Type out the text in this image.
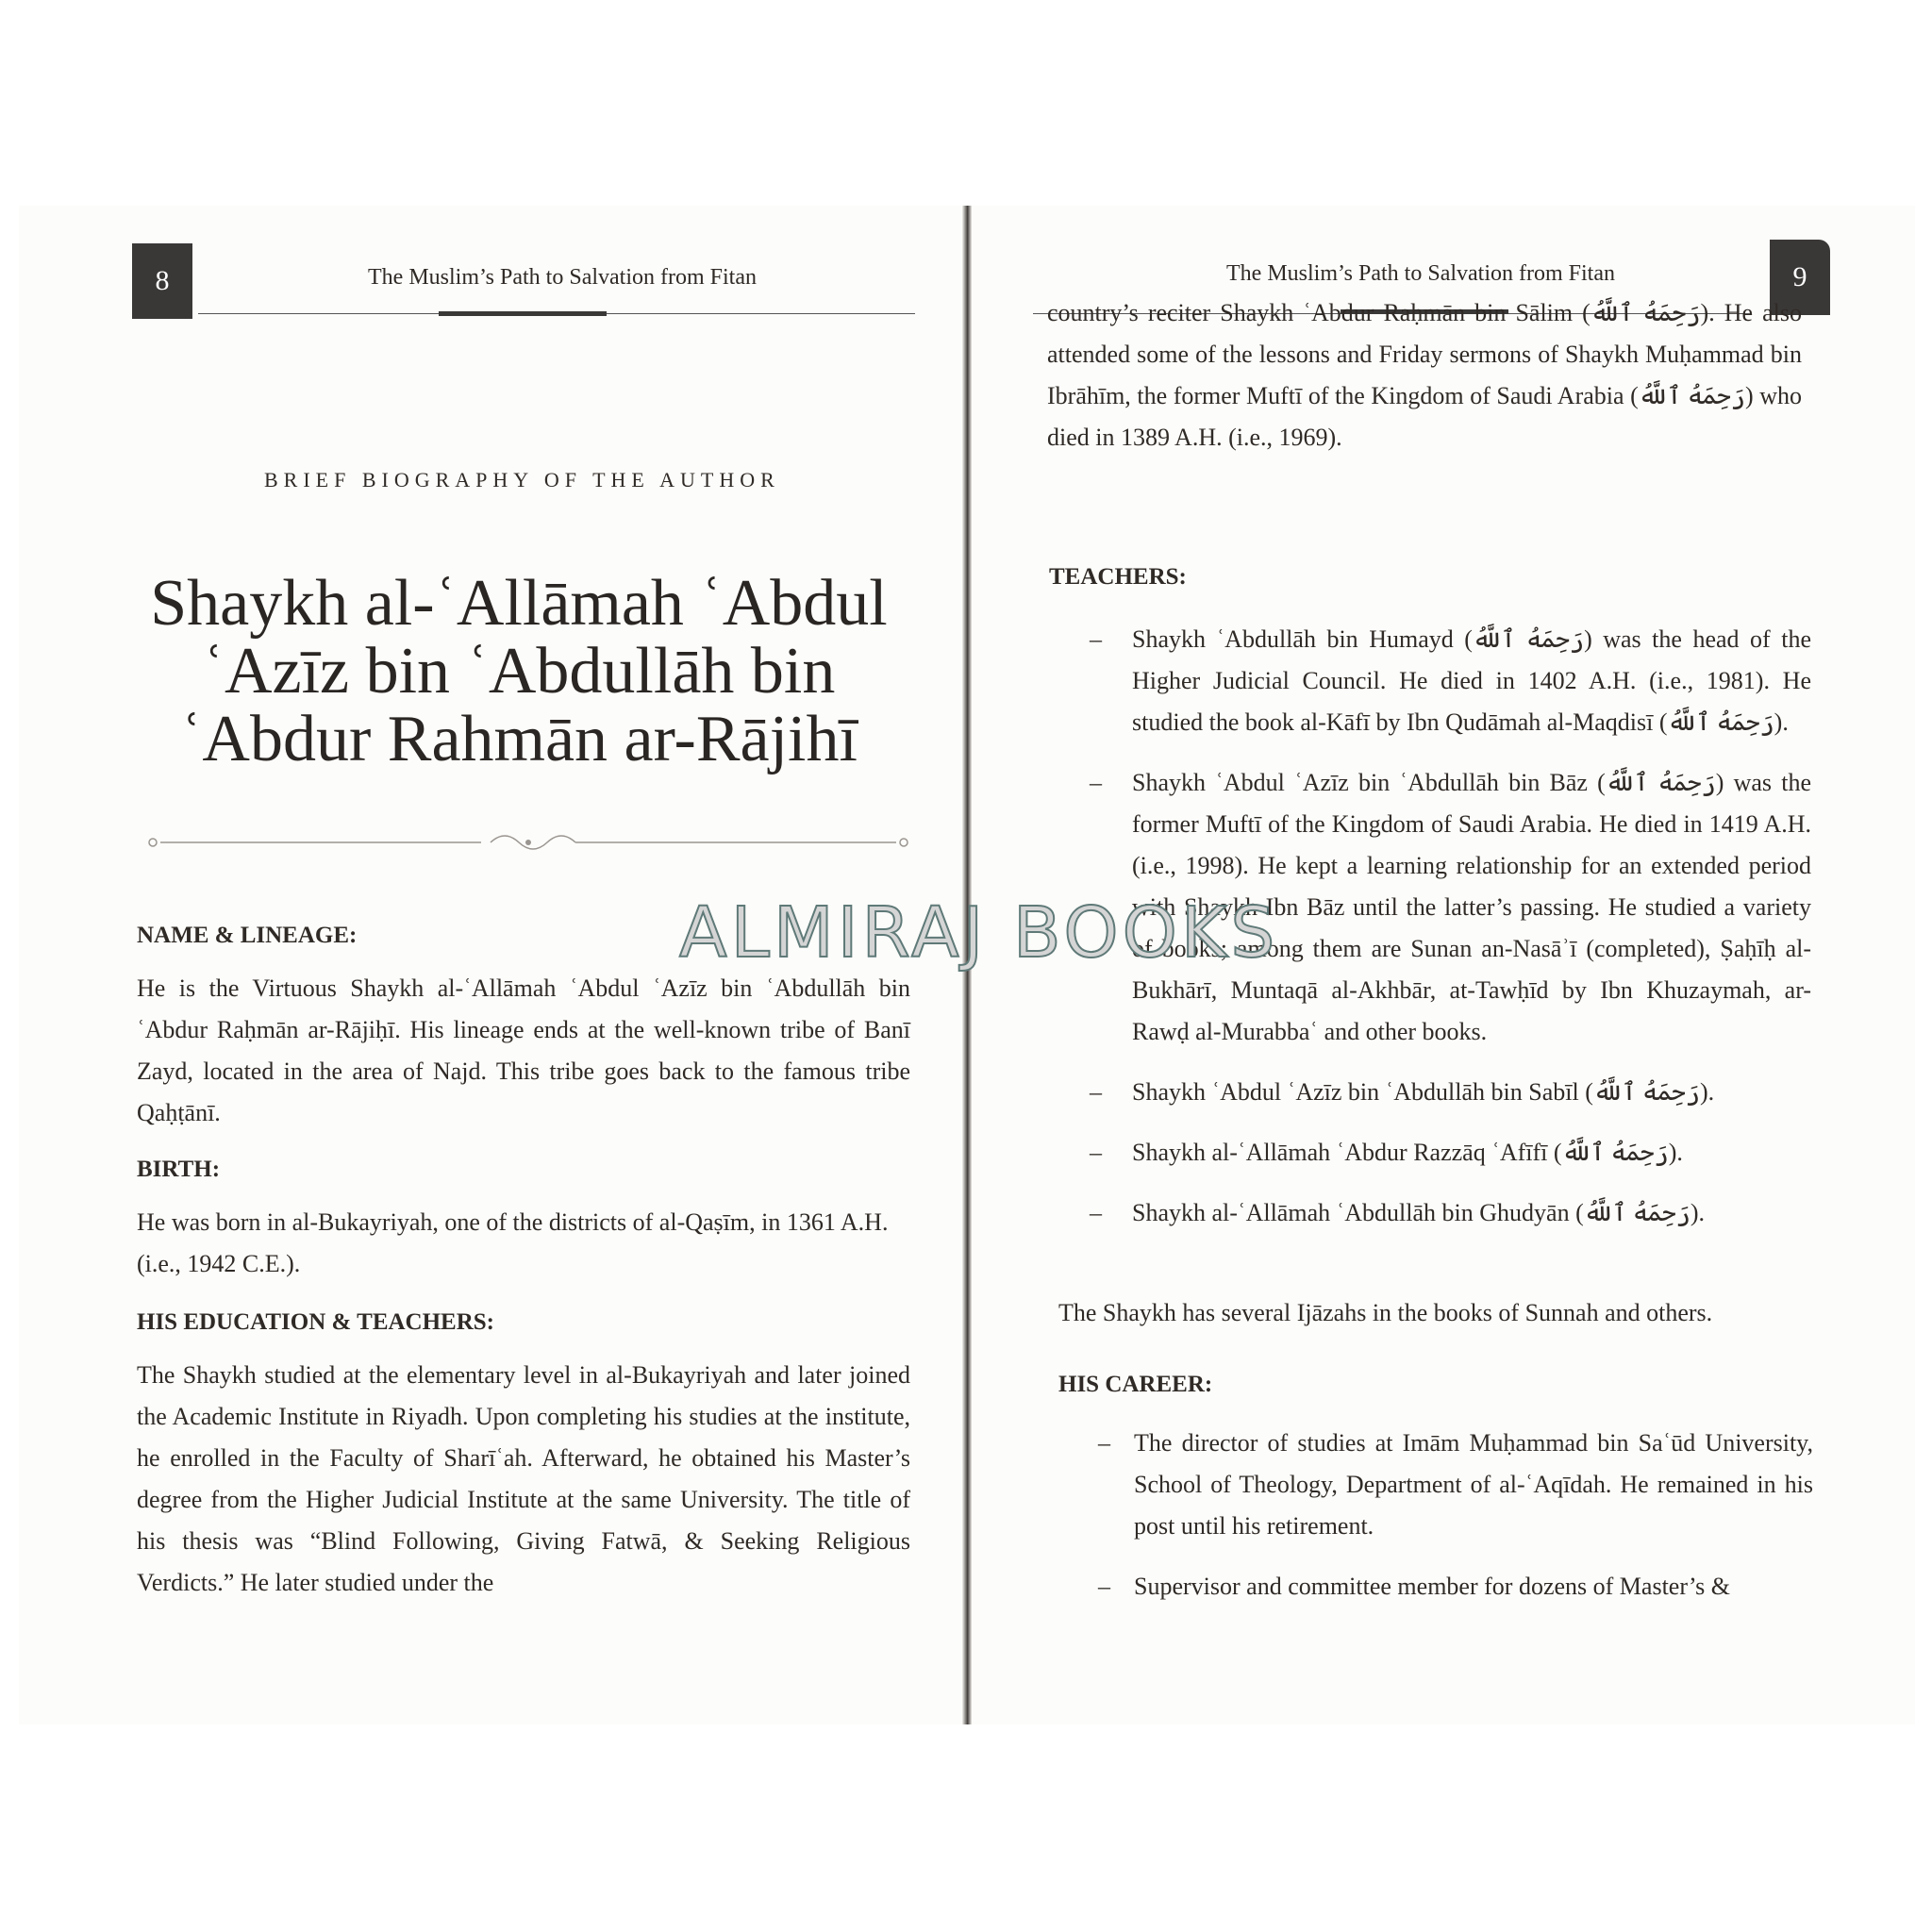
8	The Muslim’s Path to Salvation from Fitan
BRIEF BIOGRAPHY OF THE AUTHOR
Shaykh al-ʿAllāmah ʿAbdul ʿAzīz bin ʿAbdullāh bin ʿAbdur Rahmān ar-Rājihī
NAME & LINEAGE:
He is the Virtuous Shaykh al-ʿAllāmah ʿAbdul ʿAzīz bin ʿAbdullāh bin ʿAbdur Raḥmān ar-Rājiḥī. His lineage ends at the well-known tribe of Banī Zayd, located in the area of Najd. This tribe goes back to the famous tribe Qaḥṭānī.
BIRTH:
He was born in al-Bukayriyah, one of the districts of al-Qaṣīm, in 1361 A.H. (i.e., 1942 C.E.).
HIS EDUCATION & TEACHERS:
The Shaykh studied at the elementary level in al-Bukayriyah and later joined the Academic Institute in Riyadh. Upon completing his studies at the institute, he enrolled in the Faculty of Sharīʿah. Afterward, he obtained his Master’s degree from the Higher Judicial Institute at the same University. The title of his thesis was “Blind Following, Giving Fatwā, & Seeking Religious Verdicts.” He later studied under the
The Muslim’s Path to Salvation from Fitan	9
country’s reciter Shaykh ʿAbdur Raḥmān bin Sālim (رَحِمَهُ ٱللَّهُ). He also attended some of the lessons and Friday sermons of Shaykh Muḥammad bin Ibrāhīm, the former Muftī of the Kingdom of Saudi Arabia (رَحِمَهُ ٱللَّهُ) who died in 1389 A.H. (i.e., 1969).
TEACHERS:
– Shaykh ʿAbdullāh bin Humayd (رَحِمَهُ ٱللَّهُ) was the head of the Higher Judicial Council. He died in 1402 A.H. (i.e., 1981). He studied the book al-Kāfī by Ibn Qudāmah al-Maqdisī (رَحِمَهُ ٱللَّهُ).
– Shaykh ʿAbdul ʿAzīz bin ʿAbdullāh bin Bāz (رَحِمَهُ ٱللَّهُ) was the former Muftī of the Kingdom of Saudi Arabia. He died in 1419 A.H. (i.e., 1998). He kept a learning relationship for an extended period with Shaykh Ibn Bāz until the latter’s passing. He studied a variety of books; among them are Sunan an-Nasāʾī (completed), Ṣaḥīḥ al-Bukhārī, Muntaqā al-Akhbār, at-Tawḥīd by Ibn Khuzaymah, ar-Rawḍ al-Murabbaʿ and other books.
– Shaykh ʿAbdul ʿAzīz bin ʿAbdullāh bin Sabīl (رَحِمَهُ ٱللَّهُ).
– Shaykh al-ʿAllāmah ʿAbdur Razzāq ʿAfīfī (رَحِمَهُ ٱللَّهُ).
– Shaykh al-ʿAllāmah ʿAbdullāh bin Ghudyān (رَحِمَهُ ٱللَّهُ).
The Shaykh has several Ijāzahs in the books of Sunnah and others.
HIS CAREER:
– The director of studies at Imām Muḥammad bin Saʿūd University, School of Theology, Department of al-ʿAqīdah. He remained in his post until his retirement.
– Supervisor and committee member for dozens of Master’s &
ALMIRAJ BOOKS
